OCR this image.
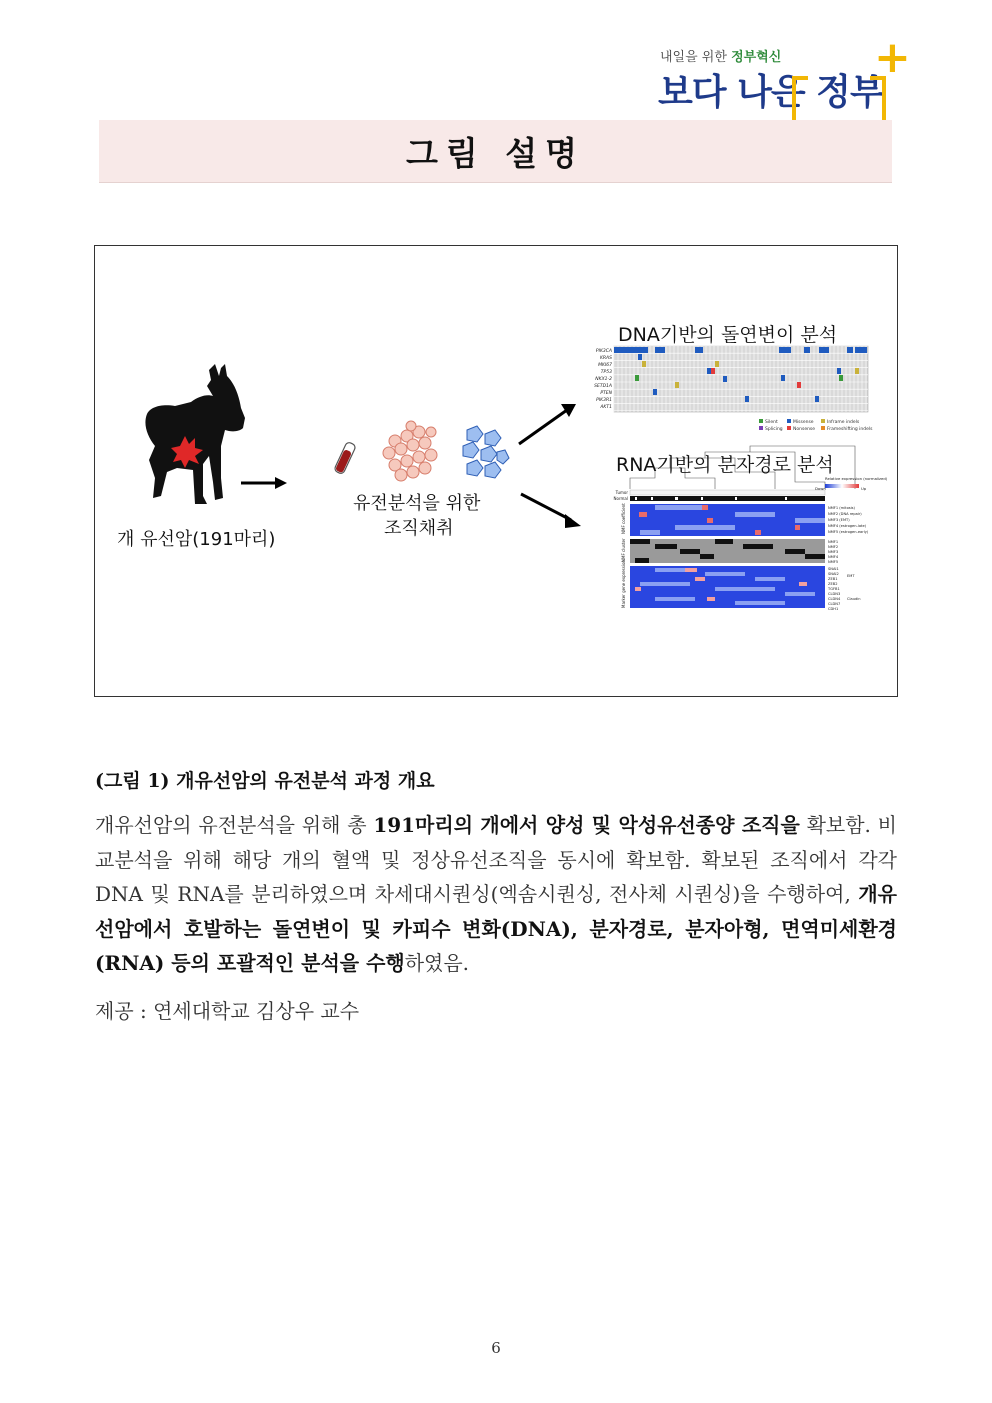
내일을 위한 정부혁신
보다 나은 정부
+
그림 설명
Silent	Missense	Inframe indels
Splicing Nonsense	Frameshifting indels
PIK3CA
KRAS
MKI67
TP53
NKX1-2
SETD1A
PTEN
PIK3R1
AKT1
NMF coefficient
NMF cluster
Marker gene expression
Tumor
Normal
NMF1 (mitosis)
NMF2 (DNA repair)
NMF3 (EMT)
NMF4 (estrogen-late)
NMF5 (estrogen-early)
NMF1
NMF2
NMF3
NMF4
NMF5
SNAI1
SNAI2
ZEB1
ZEB2
TGFB1
CLDN3
CLDN4
CLDN7
CDH1
EMT
Claudin
Relative expression (normalized)
Down	Up
DNA기반의 돌연변이 분석
RNA기반의 분자경로 분석
개 유선암(191마리)
유전분석을 위한
조직채취
(그림 1) 개유선암의 유전분석 과정 개요
개유선암의 유전분석을 위해 총 191마리의 개에서 양성 및 악성유선종양 조직을 확보함. 비교분석을 위해 해당 개의 혈액 및 정상유선조직을 동시에 확보함. 확보된 조직에서 각각 DNA 및 RNA를 분리하였으며 차세대시퀀싱(엑솜시퀀싱, 전사체 시퀀싱)을 수행하여, 개유선암에서 호발하는 돌연변이 및 카피수 변화(DNA), 분자경로, 분자아형, 면역미세환경(RNA) 등의 포괄적인 분석을 수행하였음.
제공 : 연세대학교 김상우 교수
6
